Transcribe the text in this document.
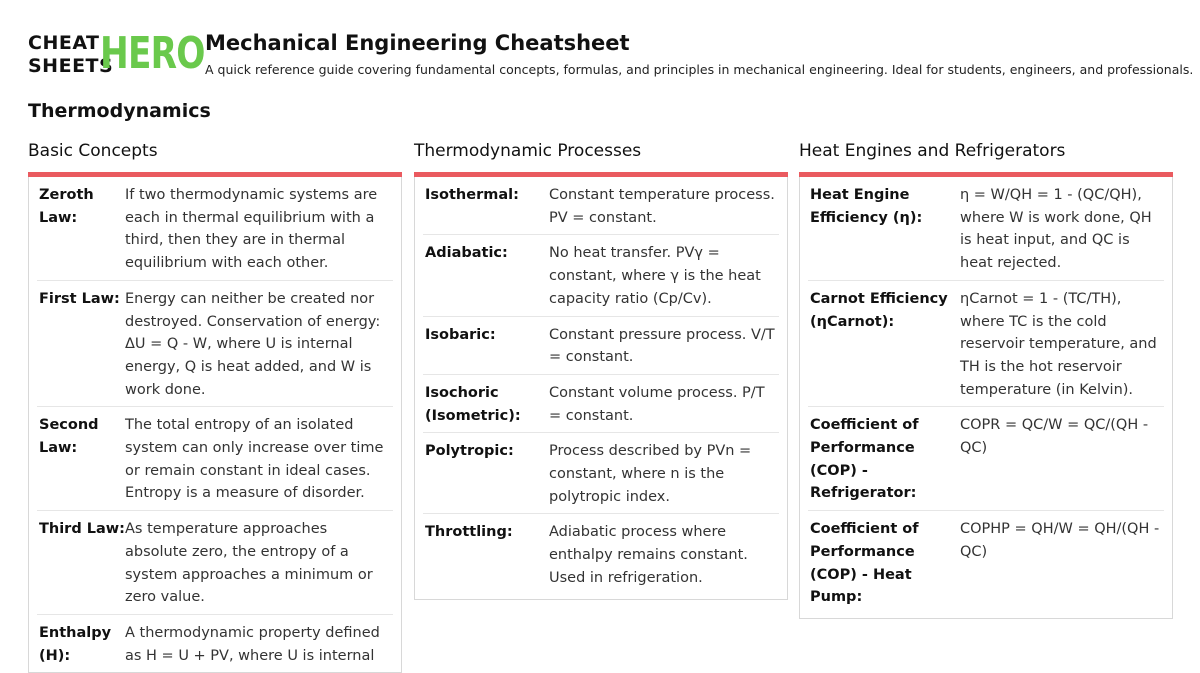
CHEAT
SHEETS
HERO Mechanical Engineering Cheatsheet
A quick reference guide covering fundamental concepts, formulas, and principles in mechanical engineering. Ideal for students, engineers, and professionals.
Thermodynamics
Basic Concepts
Zeroth Law:
If two thermodynamic systems are each in thermal equilibrium with a third, then they are in thermal equilibrium with each other.
First Law: Energy can neither be created nor destroyed. Conservation of energy: ΔU = Q - W, where U is internal energy, Q is heat added, and W is work done.
Second Law:
The total entropy of an isolated system can only increase over time or remain constant in ideal cases. Entropy is a measure of disorder.
Third Law: As temperature approaches absolute zero, the entropy of a system approaches a minimum or zero value.
Enthalpy (H):
A thermodynamic property defined as H = U + PV, where U is internal
Thermodynamic Processes
Isothermal:	Constant temperature process. PV = constant.
Adiabatic:	No heat transfer. PVγ = constant, where γ is the heat capacity ratio (Cp/Cv).
Isobaric:	Constant pressure process. V/T = constant.
Isochoric (Isometric):
Constant volume process. P/T = constant.
Polytropic:	Process described by PVn = constant, where n is the polytropic index.
Throttling:	Adiabatic process where enthalpy remains constant. Used in refrigeration.
Heat Engines and Refrigerators
Heat Engine Efficiency (η):
η = W/QH = 1 - (QC/QH), where W is work done, QH is heat input, and QC is heat rejected.
Carnot Efficiency (ηCarnot):
ηCarnot = 1 - (TC/TH), where TC is the cold reservoir temperature, and TH is the hot reservoir temperature (in Kelvin).
Coefficient of Performance (COP) - Refrigerator:
COPR = QC/W = QC/(QH - QC)
Coefficient of Performance (COP) - Heat Pump:
COPHP = QH/W = QH/(QH - QC)
